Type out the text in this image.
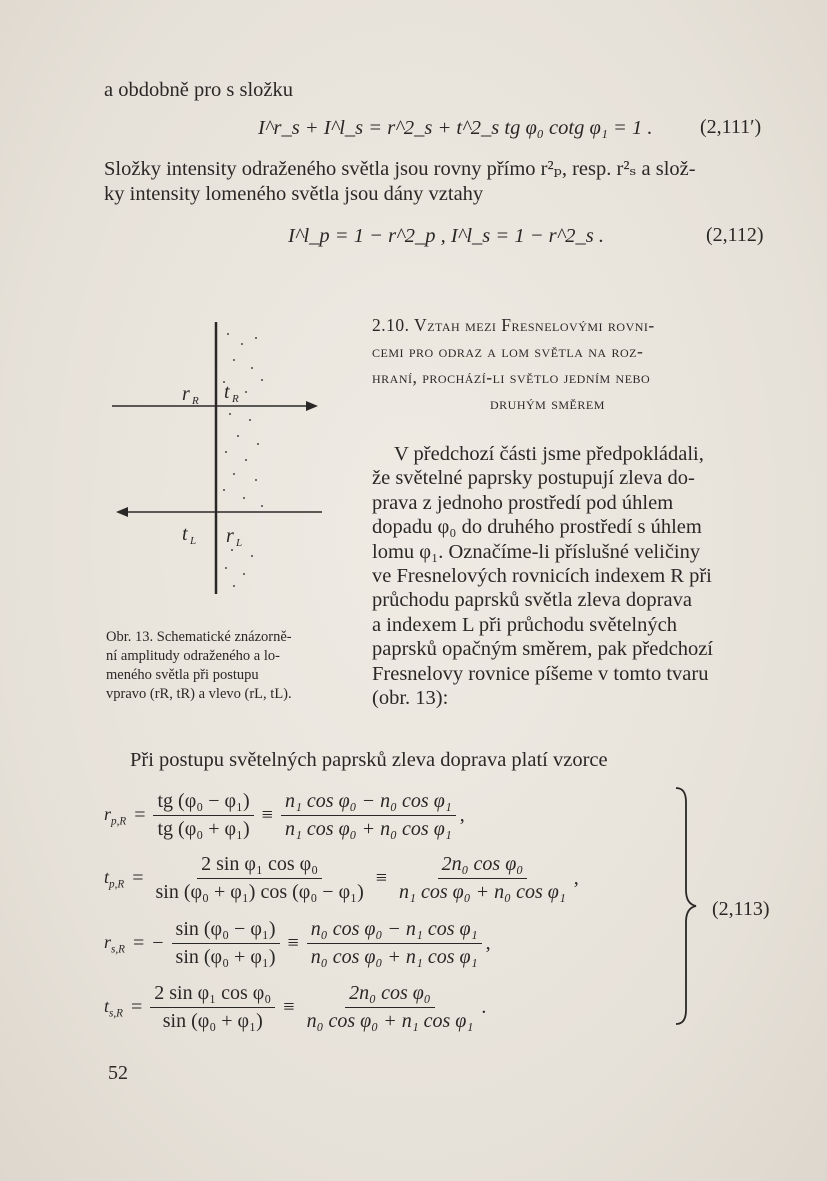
a obdobně pro s složku
I^r_s + I^l_s = r^2_s + t^2_s tg φ₀ cotg φ₁ = 1 . (2,111′)
Složky intensity odraženého světla jsou rovny přímo r²ₚ, resp. r²ₛ a slož-
ky intensity lomeného světla jsou dány vztahy
I^l_p = 1 − r^2_p , I^l_s = 1 − r^2_s .	(2,112)
r R t R
t L r L
Obr. 13. Schematické znázorně-
ní amplitudy odraženého a lo-
meného světla při postupu
vpravo (rR, tR) a vlevo (rL, tL).
2.10. Vztah mezi Fresnelovými rovni-
cemi pro odraz a lom světla na roz-
hraní, prochází-li světlo jedním nebo
druhým směrem
V předchozí části jsme předpokládali,
že světelné paprsky postupují zleva do-
prava z jednoho prostředí pod úhlem
dopadu φ₀ do druhého prostředí s úhlem
lomu φ₁. Označíme-li příslušné veličiny
ve Fresnelových rovnicích indexem R při
průchodu paprsků světla zleva doprava
a indexem L při průchodu světelných
paprsků opačným směrem, pak předchozí
Fresnelovy rovnice píšeme v tomto tvaru
(obr. 13):
Při postupu světelných paprsků zleva doprava platí vzorce
$r_{p,R} = \frac{\text{tg (φ₀ − φ₁)}}{\text{tg (φ₀ + φ₁)}} \equiv \frac{\text{n₁ cos φ₀ − n₀ cos φ₁}}{\text{n₁ cos φ₀ + n₀ cos φ₁}}$ ,
$t_{p,R} = \frac{\text{2 sin φ₁ cos φ₀}}{\text{sin (φ₀ + φ₁) cos (φ₀ − φ₁)}} \equiv \frac{\text{2n₀ cos φ₀}}{\text{n₁ cos φ₀ + n₀ cos φ₁}}$ ,
$r_{s,R}$ = − $\frac{\text{sin (φ₀ − φ₁)}}{\text{sin (φ₀ + φ₁)}} \equiv \frac{\text{n₀ cos φ₀ − n₁ cos φ₁}}{\text{n₀ cos φ₀ + n₁ cos φ₁}}$ ,
$t_{s,R} = \frac{\text{2 sin φ₁ cos φ₀}}{\text{sin (φ₀ + φ₁)}} \equiv \frac{\text{2n₀ cos φ₀}}{\text{n₀ cos φ₀ + n₁ cos φ₁}}$ .
(2,113)
52
